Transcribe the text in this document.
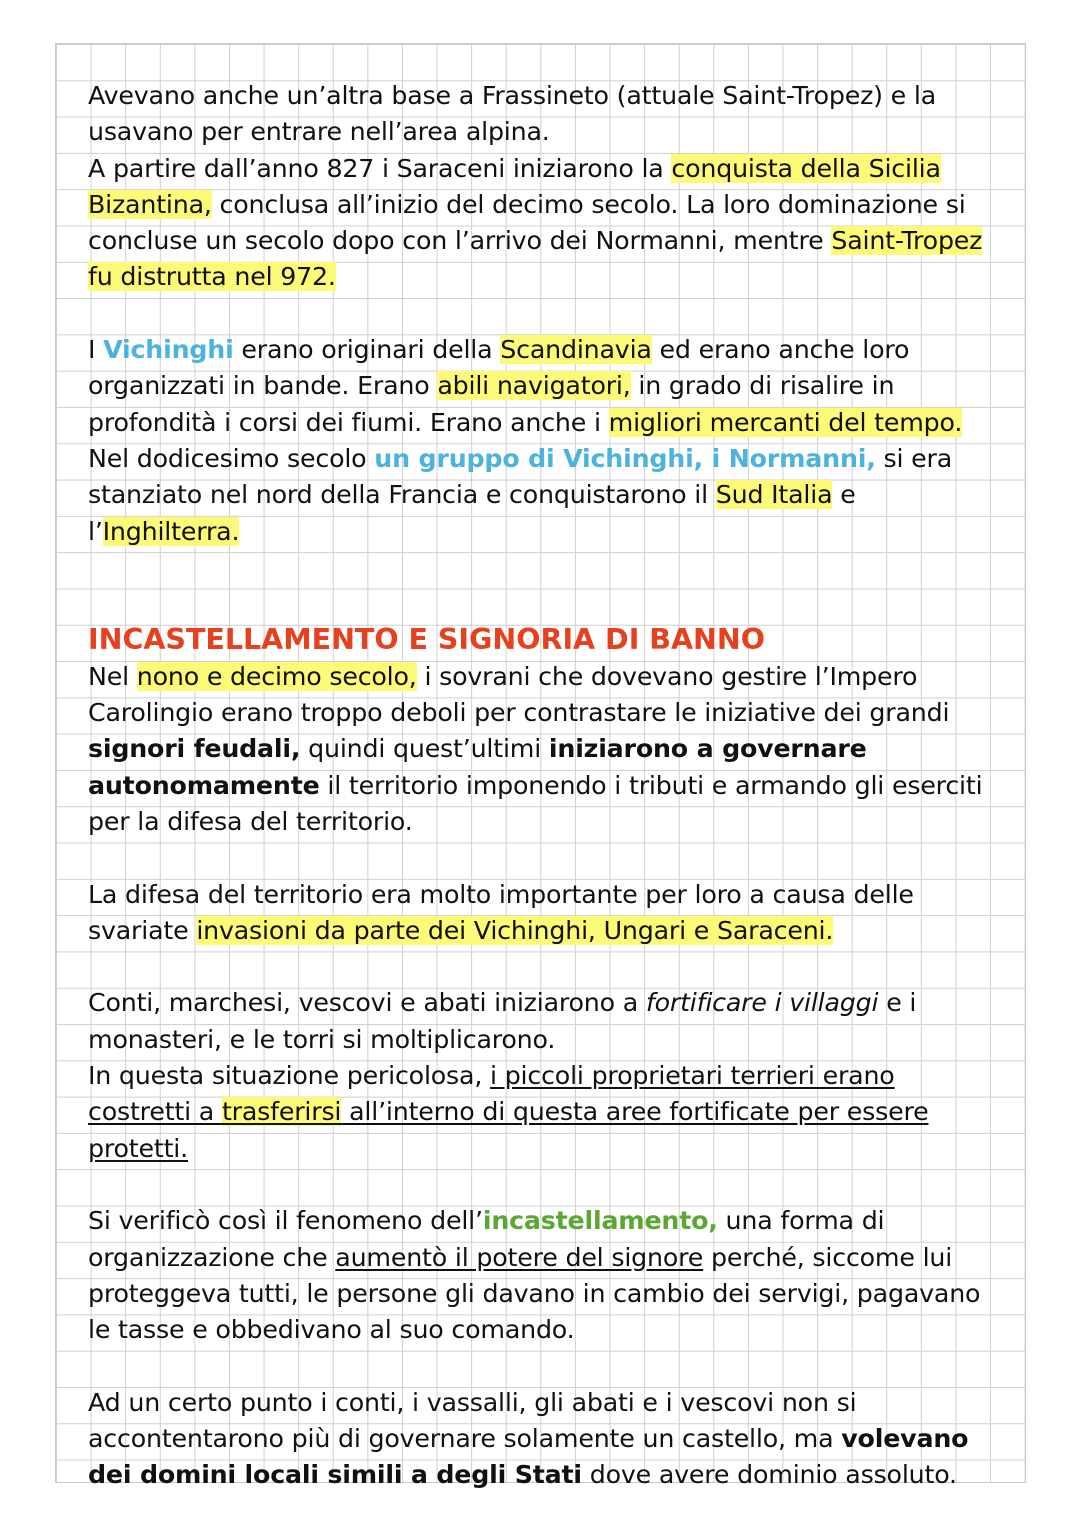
Avevano anche un’altra base a Frassineto (attuale Saint-Tropez) e la usavano per entrare nell’area alpina.
A partire dall’anno 827 i Saraceni iniziarono la conquista della Sicilia Bizantina, conclusa all’inizio del decimo secolo. La loro dominazione si concluse un secolo dopo con l’arrivo dei Normanni, mentre Saint-Tropez fu distrutta nel 972.

I Vichinghi erano originari della Scandinavia ed erano anche loro organizzati in bande. Erano abili navigatori, in grado di risalire in profondità i corsi dei fiumi. Erano anche i migliori mercanti del tempo.
Nel dodicesimo secolo un gruppo di Vichinghi, i Normanni, si era stanziato nel nord della Francia e conquistarono il Sud Italia e l’Inghilterra.

INCASTELLAMENTO E SIGNORIA DI BANNO

Nel nono e decimo secolo, i sovrani che dovevano gestire l’Impero Carolingio erano troppo deboli per contrastare le iniziative dei grandi signori feudali, quindi quest’ultimi iniziarono a governare autonomamente il territorio imponendo i tributi e armando gli eserciti per la difesa del territorio.

La difesa del territorio era molto importante per loro a causa delle svariate invasioni da parte dei Vichinghi, Ungari e Saraceni.

Conti, marchesi, vescovi e abati iniziarono a fortificare i villaggi e i monasteri, e le torri si moltiplicarono.
In questa situazione pericolosa, i piccoli proprietari terrieri erano costretti a trasferirsi all’interno di questa aree fortificate per essere protetti.

Si verificò così il fenomeno dell’incastellamento, una forma di organizzazione che aumentò il potere del signore perché, siccome lui proteggeva tutti, le persone gli davano in cambio dei servigi, pagavano le tasse e obbedivano al suo comando.

Ad un certo punto i conti, i vassalli, gli abati e i vescovi non si accontentarono più di governare solamente un castello, ma volevano dei domini locali simili a degli Stati dove avere dominio assoluto.
